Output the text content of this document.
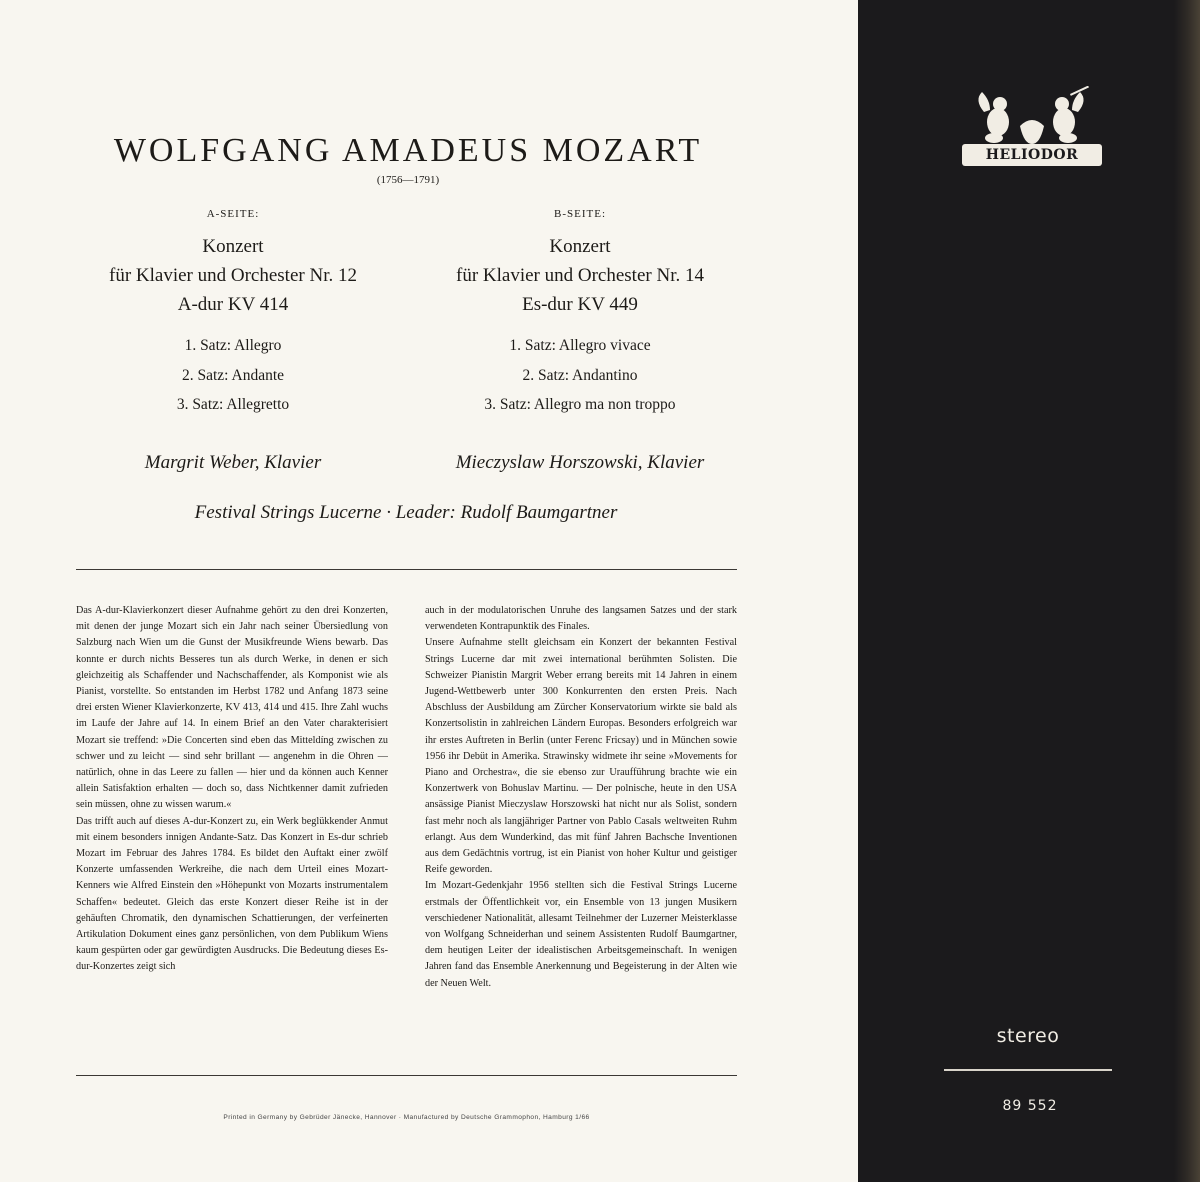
WOLFGANG AMADEUS MOZART
(1756—1791)
A-SEITE:
Konzert
für Klavier und Orchester Nr. 12
A-dur KV 414
1. Satz: Allegro
2. Satz: Andante
3. Satz: Allegretto
B-SEITE:
Konzert
für Klavier und Orchester Nr. 14
Es-dur KV 449
1. Satz: Allegro vivace
2. Satz: Andantino
3. Satz: Allegro ma non troppo
Margrit Weber, Klavier	Mieczyslaw Horszowski, Klavier
Festival Strings Lucerne · Leader: Rudolf Baumgartner

Das A-dur-Klavierkonzert dieser Aufnahme gehört zu den drei Konzerten, mit denen der junge Mozart sich ein Jahr nach seiner Übersiedlung von Salzburg nach Wien um die Gunst der Musikfreunde Wiens bewarb. Das konnte er durch nichts Besseres tun als durch Werke, in denen er sich gleichzeitig als Schaffender und Nachschaffender, als Komponist wie als Pianist, vorstellte. So entstanden im Herbst 1782 und Anfang 1873 seine drei ersten Wiener Klavierkonzerte, KV 413, 414 und 415. Ihre Zahl wuchs im Laufe der Jahre auf 14. In einem Brief an den Vater charakterisiert Mozart sie treffend: »Die Concerten sind eben das Mitteldíng zwischen zu schwer und zu leicht — sind sehr brillant — angenehm in die Ohren — natürlich, ohne in das Leere zu fallen — hier und da können auch Kenner allein Satisfaktion erhalten — doch so, dass Nichtkenner damit zufrieden sein müssen, ohne zu wissen warum.«

Das trifft auch auf dieses A-dur-Konzert zu, ein Werk beglükkender Anmut mit einem besonders innigen Andante-Satz. Das Konzert in Es-dur schrieb Mozart im Februar des Jahres 1784. Es bildet den Auftakt einer zwölf Konzerte umfassenden Werkreihe, die nach dem Urteil eines Mozart-Kenners wie Alfred Einstein den »Höhepunkt von Mozarts instrumentalem Schaffen« bedeutet. Gleich das erste Konzert dieser Reihe ist in der gehäuften Chromatik, den dynamischen Schattierungen, der verfeinerten Artikulation Dokument eines ganz persönlichen, von dem Publikum Wiens kaum gespürten oder gar gewürdigten Ausdrucks. Die Bedeutung dieses Es-dur-Konzertes zeigt sich

auch in der modulatorischen Unruhe des langsamen Satzes und der stark verwendeten Kontrapunktik des Finales.

Unsere Aufnahme stellt gleichsam ein Konzert der bekannten Festival Strings Lucerne dar mit zwei international berühmten Solisten. Die Schweizer Pianistin Margrit Weber errang bereits mit 14 Jahren in einem Jugend-Wettbewerb unter 300 Konkurrenten den ersten Preis. Nach Abschluss der Ausbildung am Zürcher Konservatorium wirkte sie bald als Konzertsolistin in zahlreichen Ländern Europas. Besonders erfolgreich war ihr erstes Auftreten in Berlin (unter Ferenc Fricsay) und in München sowie 1956 ihr Debüt in Amerika. Strawinsky widmete ihr seine »Movements for Piano and Orchestra«, die sie ebenso zur Uraufführung brachte wie ein Konzertwerk von Bohuslav Martinu. — Der polnische, heute in den USA ansässige Pianist Mieczyslaw Horszowski hat nicht nur als Solist, sondern fast mehr noch als langjähriger Partner von Pablo Casals weltweiten Ruhm erlangt. Aus dem Wunderkind, das mit fünf Jahren Bachsche Inventionen aus dem Gedächtnis vortrug, ist ein Pianist von hoher Kultur und geistiger Reife geworden.

Im Mozart-Gedenkjahr 1956 stellten sich die Festival Strings Lucerne erstmals der Öffentlichkeit vor, ein Ensemble von 13 jungen Musikern verschiedener Nationalität, allesamt Teilnehmer der Luzerner Meisterklasse von Wolfgang Schneiderhan und seinem Assistenten Rudolf Baumgartner, dem heutigen Leiter der idealistischen Arbeitsgemeinschaft. In wenigen Jahren fand das Ensemble Anerkennung und Begeisterung in der Alten wie der Neuen Welt.

Printed in Germany by Gebrüder Jänecke, Hannover · Manufactured by Deutsche Grammophon, Hamburg 1/66
HELIODOR
stereo
89 552
